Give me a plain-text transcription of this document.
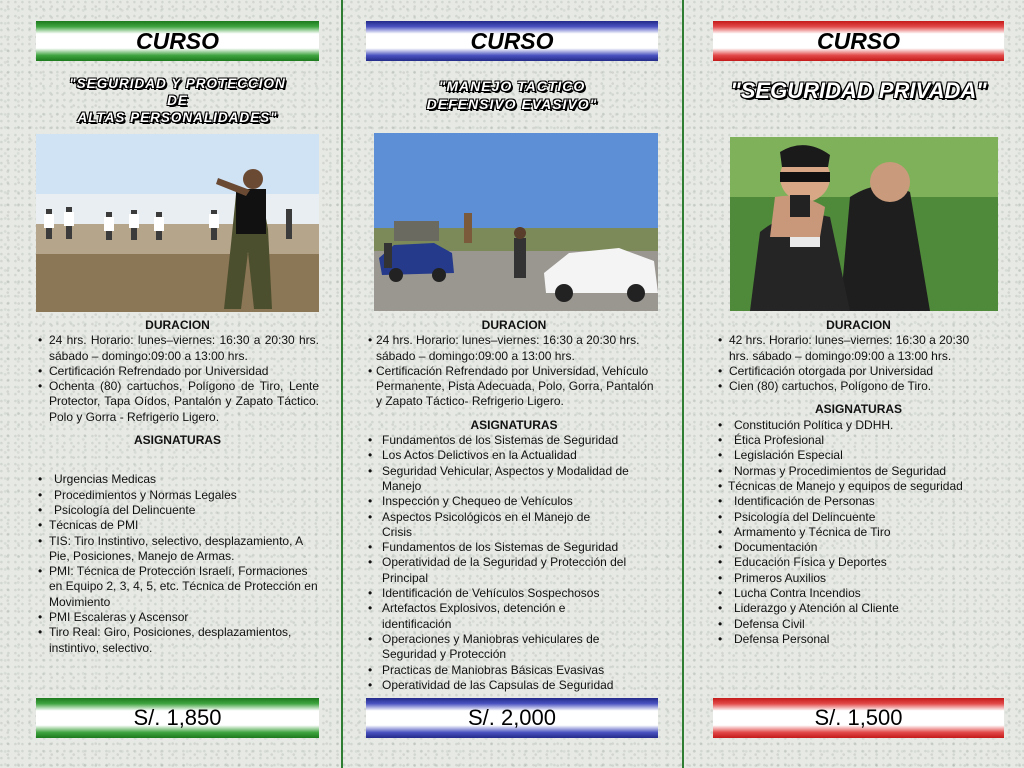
CURSO
"SEGURIDAD Y PROTECCION
DE
ALTAS PERSONALIDADES"
DURACION
• 24 hrs. Horario: lunes–viernes: 16:30 a 20:30 hrs. sábado – domingo:09:00 a 13:00 hrs.
• Certificación Refrendado por Universidad
• Ochenta (80) cartuchos, Polígono de Tiro, Lente Protector, Tapa Oídos, Pantalón y Zapato Táctico. Polo y Gorra - Refrigerio Ligero.
ASIGNATURAS
• Urgencias Medicas
• Procedimientos y Normas Legales
• Psicología del Delincuente
• Técnicas de PMI
• TIS: Tiro Instintivo, selectivo, desplazamiento, A Pie, Posiciones, Manejo de Armas.
• PMI: Técnica de Protección Israelí, Formaciones en Equipo 2, 3, 4, 5, etc. Técnica de Protección en Movimiento
• PMI Escaleras y Ascensor
• Tiro Real: Giro, Posiciones, desplazamientos, instintivo, selectivo.
S/. 1,850
CURSO
"MANEJO TACTICO
DEFENSIVO EVASIVO"
DURACION
• 24 hrs. Horario: lunes–viernes: 16:30 a 20:30 hrs. sábado – domingo:09:00 a 13:00 hrs.
• Certificación Refrendado por Universidad, Vehículo Permanente, Pista Adecuada, Polo, Gorra, Pantalón y Zapato Táctico- Refrigerio Ligero.
ASIGNATURAS
• Fundamentos de los Sistemas de Seguridad
• Los Actos Delictivos en la Actualidad
• Seguridad Vehicular, Aspectos y Modalidad de Manejo
• Inspección y Chequeo de Vehículos
• Aspectos Psicológicos en el Manejo de Crisis
• Fundamentos de los Sistemas de Seguridad
• Operatividad de la Seguridad y Protección del Principal
• Identificación de Vehículos Sospechosos
• Artefactos Explosivos, detención e identificación
• Operaciones y Maniobras vehiculares de Seguridad y Protección
• Practicas de Maniobras Básicas Evasivas
• Operatividad de las Capsulas de Seguridad
S/. 2,000
CURSO
"SEGURIDAD PRIVADA"
DURACION
• 42 hrs. Horario: lunes–viernes: 16:30 a 20:30 hrs. sábado – domingo:09:00 a 13:00 hrs.
• Certificación otorgada por Universidad
• Cien (80) cartuchos, Polígono de Tiro.
ASIGNATURAS
• Constitución Política y DDHH.
• Ética Profesional
• Legislación Especial
• Normas y Procedimientos de Seguridad
• Técnicas de Manejo y equipos de seguridad
• Identificación de Personas
• Psicología del Delincuente
• Armamento y Técnica de Tiro
• Documentación
• Educación Física y Deportes
• Primeros Auxilios
• Lucha Contra Incendios
• Liderazgo y Atención al Cliente
• Defensa Civil
• Defensa Personal
S/. 1,500
